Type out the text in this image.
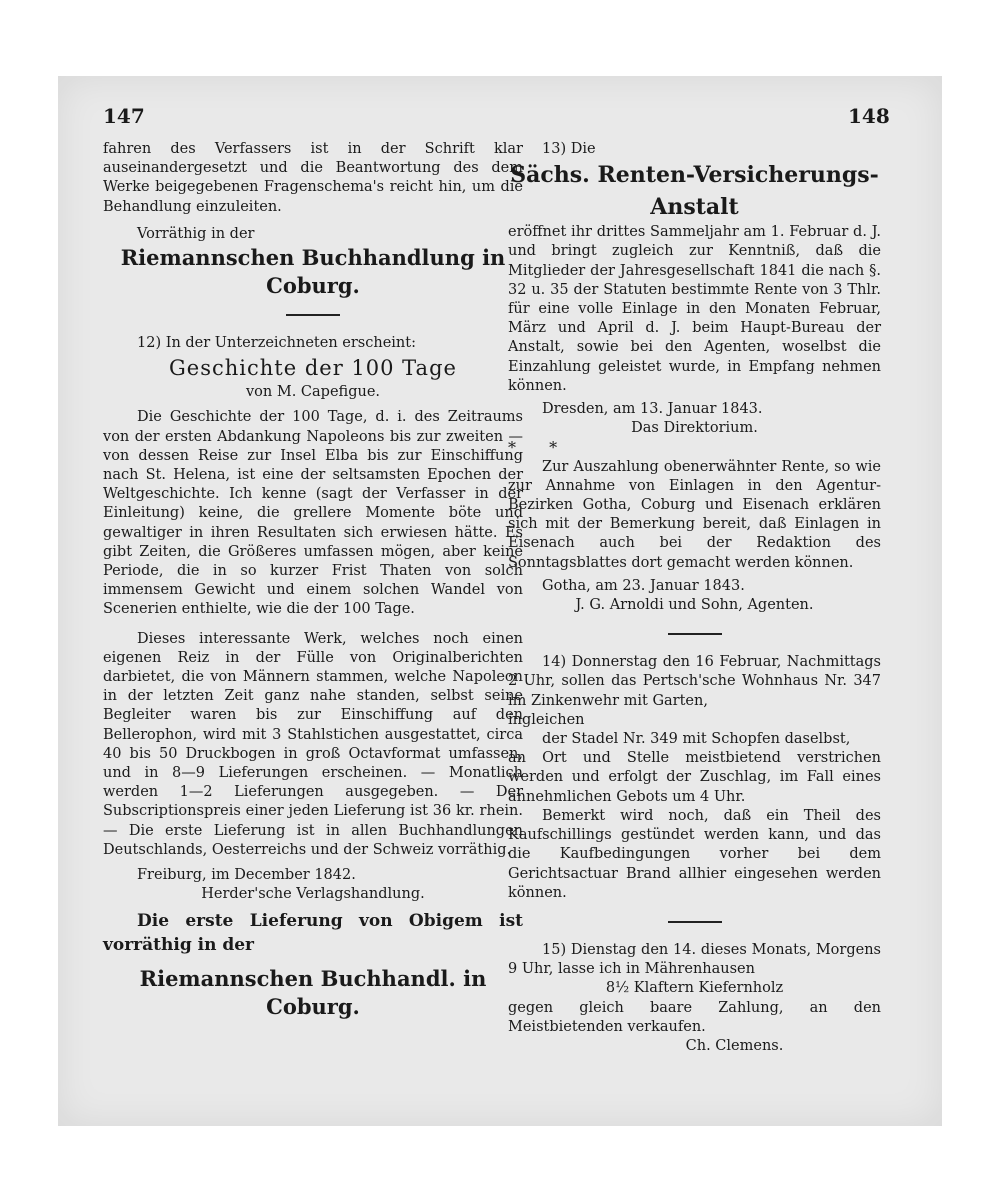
147	148

fahren des Verfassers ist in der Schrift klar auseinandergesetzt und die Beantwortung des dem Werke beigegebenen Fragenschema's reicht hin, um die Behandlung einzuleiten.

Vorräthig in der

Riemannschen Buchhandlung in Coburg.

12) In der Unterzeichneten erscheint:

Geschichte der 100 Tage

von M. Capefigue.

Die Geschichte der 100 Tage, d. i. des Zeitraums von der ersten Abdankung Napoleons bis zur zweiten — von dessen Reise zur Insel Elba bis zur Einschiffung nach St. Helena, ist eine der seltsamsten Epochen der Weltgeschichte. Ich kenne (sagt der Verfasser in der Einleitung) keine, die grellere Momente böte und gewaltiger in ihren Resultaten sich erwiesen hätte. Es gibt Zeiten, die Größeres umfassen mögen, aber keine Periode, die in so kurzer Frist Thaten von solch immensem Gewicht und einem solchen Wandel von Scenerien enthielte, wie die der 100 Tage.

Dieses interessante Werk, welches noch einen eigenen Reiz in der Fülle von Originalberichten darbietet, die von Männern stammen, welche Napoleon in der letzten Zeit ganz nahe standen, selbst seine Begleiter waren bis zur Einschiffung auf den Bellerophon, wird mit 3 Stahlstichen ausgestattet, circa 40 bis 50 Druckbogen in groß Octavformat umfassen, und in 8—9 Lieferungen erscheinen. — Monatlich werden 1—2 Lieferungen ausgegeben. — Der Subscriptionspreis einer jeden Lieferung ist 36 kr. rhein. — Die erste Lieferung ist in allen Buchhandlungen Deutschlands, Oesterreichs und der Schweiz vorräthig.

Freiburg, im December 1842.

Herder'sche Verlagshandlung.

Die erste Lieferung von Obigem ist vorräthig in der

Riemannschen Buchhandl. in Coburg.

13) Die

Sächs. Renten-Versicherungs-Anstalt

eröffnet ihr drittes Sammeljahr am 1. Februar d. J. und bringt zugleich zur Kenntniß, daß die Mitglieder der Jahresgesellschaft 1841 die nach §. 32 u. 35 der Statuten bestimmte Rente von 3 Thlr. für eine volle Einlage in den Monaten Februar, März und April d. J. beim Haupt-Bureau der Anstalt, sowie bei den Agenten, woselbst die Einzahlung geleistet wurde, in Empfang nehmen können.

Dresden, am 13. Januar 1843.

Das Direktorium.

* *

Zur Auszahlung obenerwähnter Rente, so wie zur Annahme von Einlagen in den Agentur-Bezirken Gotha, Coburg und Eisenach erklären sich mit der Bemerkung bereit, daß Einlagen in Eisenach auch bei der Redaktion des Sonntagsblattes dort gemacht werden können.

Gotha, am 23. Januar 1843.

J. G. Arnoldi und Sohn, Agenten.

14) Donnerstag den 16 Februar, Nachmittags 2 Uhr, sollen das Pertsch'sche Wohnhaus Nr. 347 im Zinkenwehr mit Garten,

ingleichen

der Stadel Nr. 349 mit Schopfen daselbst,

an Ort und Stelle meistbietend verstrichen werden und erfolgt der Zuschlag, im Fall eines annehmlichen Gebots um 4 Uhr.

Bemerkt wird noch, daß ein Theil des Kaufschillings gestündet werden kann, und das die Kaufbedingungen vorher bei dem Gerichtsactuar Brand allhier eingesehen werden können.

15) Dienstag den 14. dieses Monats, Morgens 9 Uhr, lasse ich in Mährenhausen

8½ Klaftern Kiefernholz

gegen gleich baare Zahlung, an den Meistbietenden verkaufen.

Ch. Clemens.
